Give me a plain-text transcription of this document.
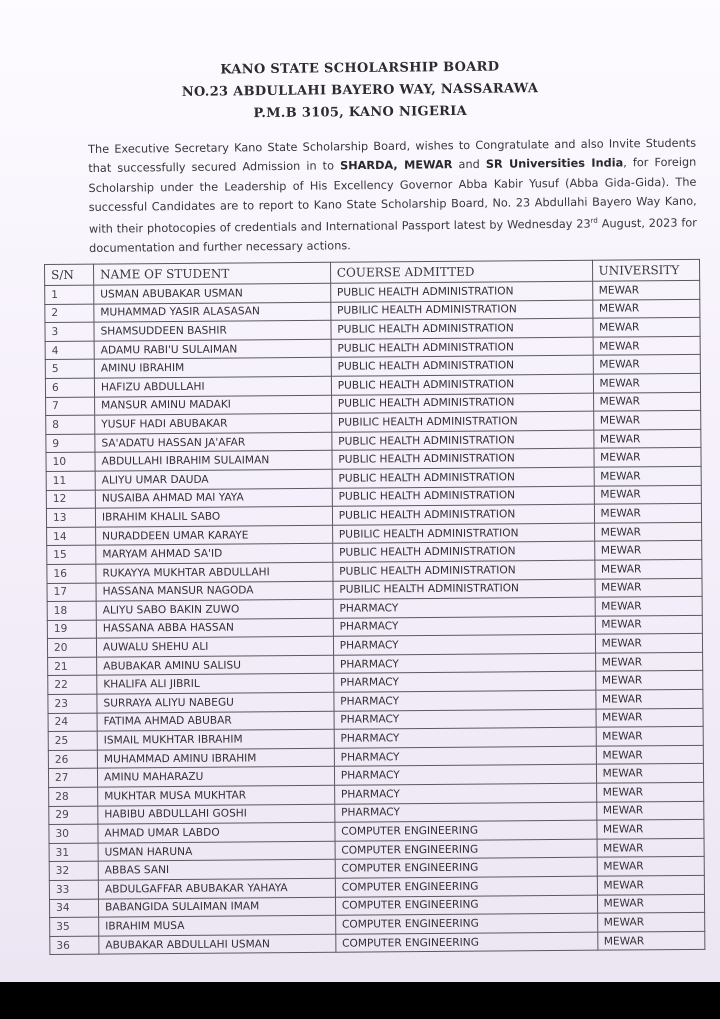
KANO STATE SCHOLARSHIP BOARD
NO.23 ABDULLAHI BAYERO WAY, NASSARAWA
P.M.B 3105, KANO NIGERIA
The Executive Secretary Kano State Scholarship Board, wishes to Congratulate and also Invite Students that successfully secured Admission in to SHARDA, MEWAR and SR Universities India, for Foreign Scholarship under the Leadership of His Excellency Governor Abba Kabir Yusuf (Abba Gida-Gida). The successful Candidates are to report to Kano State Scholarship Board, No. 23 Abdullahi Bayero Way Kano, with their photocopies of credentials and International Passport latest by Wednesday 23rd August, 2023 for documentation and further necessary actions.
S/N	NAME OF STUDENT	COUERSE ADMITTED	UNIVERSITY
1	USMAN ABUBAKAR USMAN	PUBLIC HEALTH ADMINISTRATION	MEWAR
2	MUHAMMAD YASIR ALASASAN	PUBILIC HEALTH ADMINISTRATION	MEWAR
3	SHAMSUDDEEN BASHIR	PUBLIC HEALTH ADMINISTRATION	MEWAR
4	ADAMU RABI'U SULAIMAN	PUBLIC HEALTH ADMINISTRATION	MEWAR
5	AMINU IBRAHIM	PUBLIC HEALTH ADMINISTRATION	MEWAR
6	HAFIZU ABDULLAHI	PUBLIC HEALTH ADMINISTRATION	MEWAR
7	MANSUR AMINU MADAKI	PUBLIC HEALTH ADMINISTRATION	MEWAR
8	YUSUF HADI ABUBAKAR	PUBILIC HEALTH ADMINISTRATION	MEWAR
9	SA'ADATU HASSAN JA'AFAR	PUBLIC HEALTH ADMINISTRATION	MEWAR
10	ABDULLAHI IBRAHIM SULAIMAN	PUBLIC HEALTH ADMINISTRATION	MEWAR
11	ALIYU UMAR DAUDA	PUBLIC HEALTH ADMINISTRATION	MEWAR
12	NUSAIBA AHMAD MAI YAYA	PUBLIC HEALTH ADMINISTRATION	MEWAR
13	IBRAHIM KHALIL SABO	PUBLIC HEALTH ADMINISTRATION	MEWAR
14	NURADDEEN UMAR KARAYE	PUBILIC HEALTH ADMINISTRATION	MEWAR
15	MARYAM AHMAD SA'ID	PUBLIC HEALTH ADMINISTRATION	MEWAR
16	RUKAYYA MUKHTAR ABDULLAHI	PUBLIC HEALTH ADMINISTRATION	MEWAR
17	HASSANA MANSUR NAGODA	PUBILIC HEALTH ADMINISTRATION	MEWAR
18	ALIYU SABO BAKIN ZUWO	PHARMACY	MEWAR
19	HASSANA ABBA HASSAN	PHARMACY	MEWAR
20	AUWALU SHEHU ALI	PHARMACY	MEWAR
21	ABUBAKAR AMINU SALISU	PHARMACY	MEWAR
22	KHALIFA ALI JIBRIL	PHARMACY	MEWAR
23	SURRAYA ALIYU NABEGU	PHARMACY	MEWAR
24	FATIMA AHMAD ABUBAR	PHARMACY	MEWAR
25	ISMAIL MUKHTAR IBRAHIM	PHARMACY	MEWAR
26	MUHAMMAD AMINU IBRAHIM	PHARMACY	MEWAR
27	AMINU MAHARAZU	PHARMACY	MEWAR
28	MUKHTAR MUSA MUKHTAR	PHARMACY	MEWAR
29	HABIBU ABDULLAHI GOSHI	PHARMACY	MEWAR
30	AHMAD UMAR LABDO	COMPUTER ENGINEERING	MEWAR
31	USMAN HARUNA	COMPUTER ENGINEERING	MEWAR
32	ABBAS SANI	COMPUTER ENGINEERING	MEWAR
33	ABDULGAFFAR ABUBAKAR YAHAYA	COMPUTER ENGINEERING	MEWAR
34	BABANGIDA SULAIMAN IMAM	COMPUTER ENGINEERING	MEWAR
35	IBRAHIM MUSA	COMPUTER ENGINEERING	MEWAR
36	ABUBAKAR ABDULLAHI USMAN	COMPUTER ENGINEERING	MEWAR
